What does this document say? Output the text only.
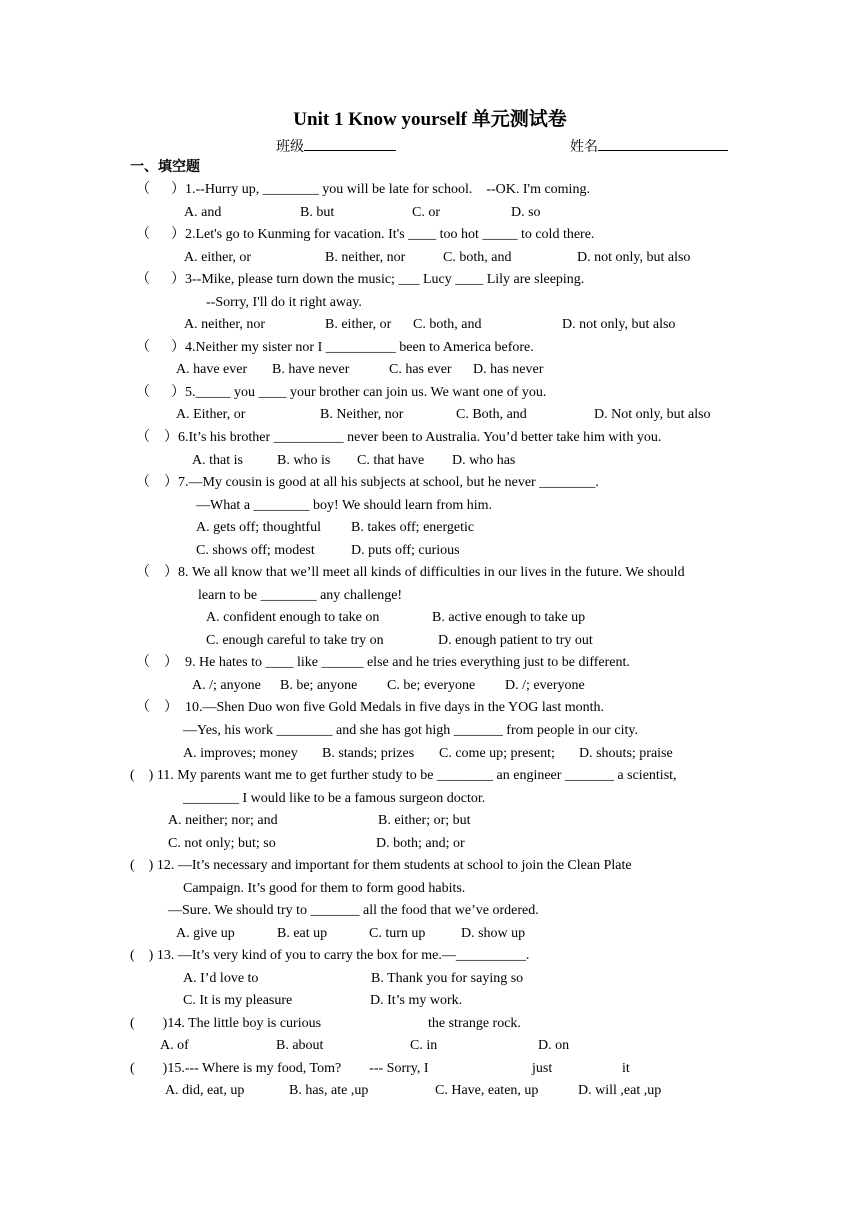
Unit 1 Know yourself 单元测试卷
班级	姓名
一、填空题
（      ）1.--Hurry up, ________ you will be late for school.    --OK. I'm coming.
A. and	B. but	C. or	D. so
（      ）2.Let's go to Kunming for vacation. It's ____ too hot _____ to cold there.
A. either, or	B. neither, nor	C. both, and	D. not only, but also
（      ）3--Mike, please turn down the music; ___ Lucy ____ Lily are sleeping.
--Sorry, I'll do it right away.
A. neither, nor	B. either, or C. both, and	D. not only, but also
（      ）4.Neither my sister nor I __________ been to America before.
A. have ever B. have never	C. has ever D. has never
（      ）5._____ you ____ your brother can join us. We want one of you.
A. Either, or	B. Neither, nor	C. Both, and	D. Not only, but also
（    ）6.It’s his brother __________ never been to Australia. You’d better take him with you.
A. that is B. who is C. that have D. who has
（    ）7.—My cousin is good at all his subjects at school, but he never ________.
—What a ________ boy! We should learn from him.
A. gets off; thoughtful B. takes off; energetic
C. shows off; modest	D. puts off; curious
（    ）8. We all know that we’ll meet all kinds of difficulties in our lives in the future. We should
learn to be ________ any challenge!
A. confident enough to take on	B. active enough to take up
C. enough careful to take try on	D. enough patient to try out
（    ）  9. He hates to ____ like ______ else and he tries everything just to be different.
A. /; anyone B. be; anyone C. be; everyone D. /; everyone
（    ）  10.—Shen Duo won five Gold Medals in five days in the YOG last month.
—Yes, his work ________ and she has got high _______ from people in our city.
A. improves; money B. stands; prizes C. come up; present; D. shouts; praise
(    ) 11. My parents want me to get further study to be ________ an engineer _______ a scientist,
________ I would like to be a famous surgeon doctor.
A. neither; nor; and	B. either; or; but
C. not only; but; so	D. both; and; or
(    ) 12. —It’s necessary and important for them students at school to join the Clean Plate
Campaign. It’s good for them to form good habits.
—Sure. We should try to _______ all the food that we’ve ordered.
A. give up	B. eat up	C. turn up	D. show up
(    ) 13. —It’s very kind of you to carry the box for me.—__________.
A. I’d love to	B. Thank you for saying so
C. It is my pleasure	D. It’s my work.
(        )14. The little boy is curious	the strange rock.
A. of	B. about	C. in	D. on
(        )15.--- Where is my food, Tom?        --- Sorry, I	just	it
A. did, eat, up	B. has, ate ,up	C. Have, eaten, up	D. will ,eat ,up
